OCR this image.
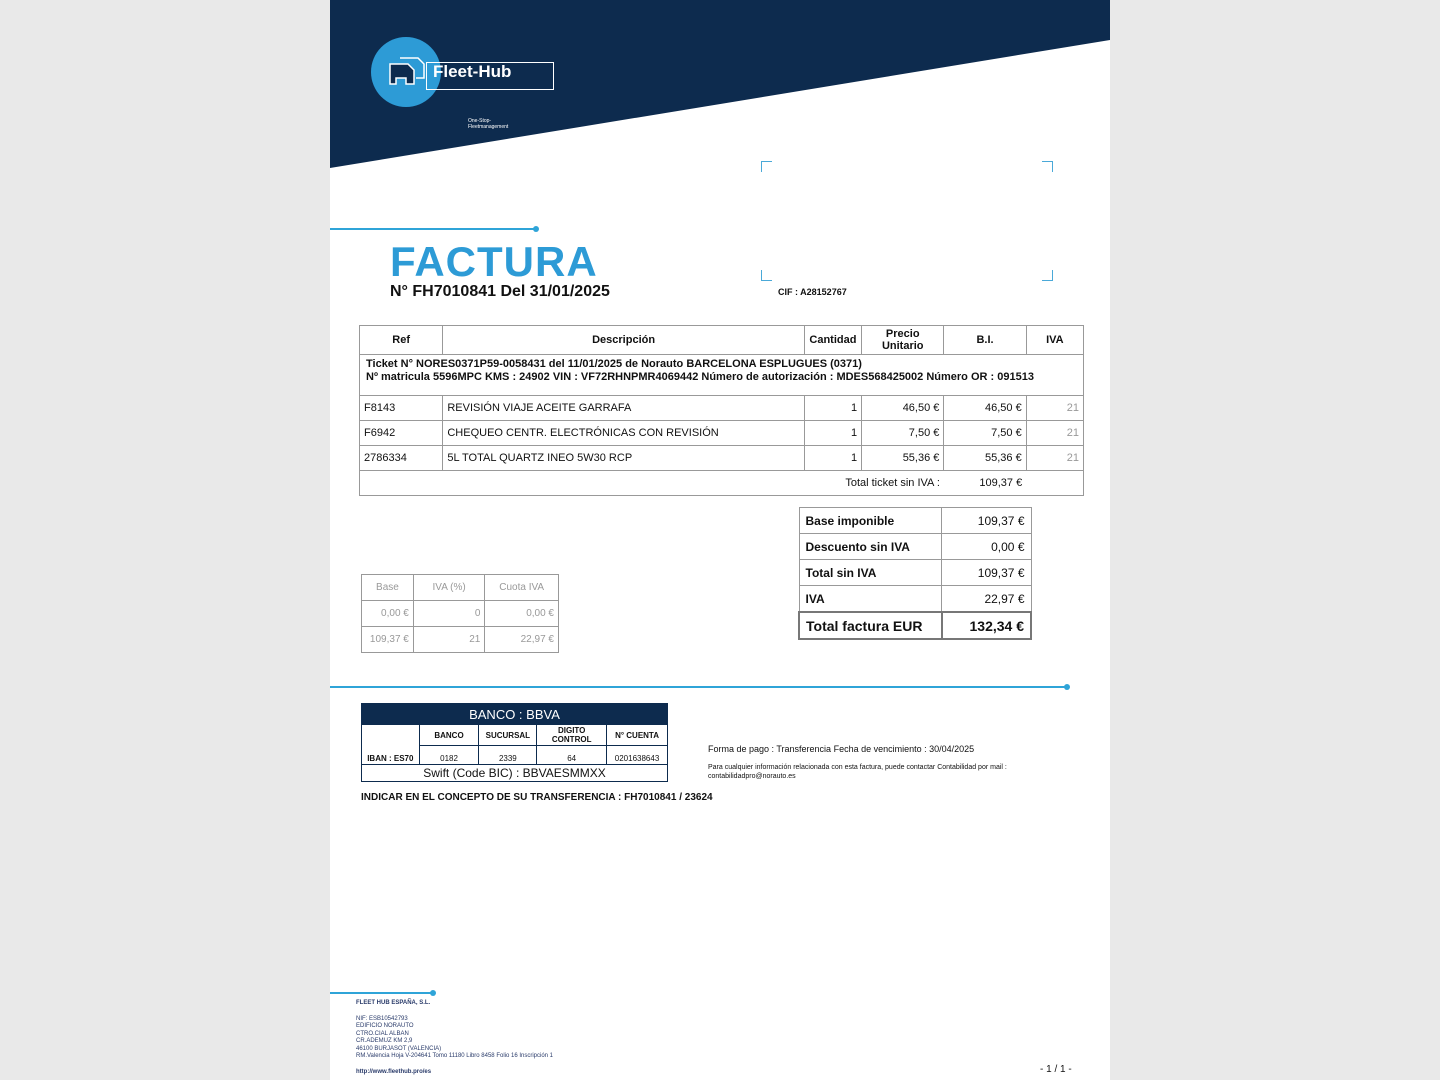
Fleet-Hub
One-Stop-Fleetmanagement
FACTURA
N° FH7010841 Del 31/01/2025	CIF : A28152767
Ref	Descripción	Cantidad	Precio Unitario	B.I.	IVA

Ticket N° NORES0371P59-0058431 del 11/01/2025 de Norauto BARCELONA ESPLUGUES (0371)
Nº matricula 5596MPC KMS : 24902 VIN : VF72RHNPMR4069442 Número de autorización : MDES568425002 Número OR : 091513					

F8143	REVISIÓN VIAJE ACEITE GARRAFA	1	46,50 €	46,50 €	21
F6942	CHEQUEO CENTR. ELECTRÓNICAS CON REVISIÓN	1	7,50 €	7,50 €	21
2786334	5L TOTAL QUARTZ INEO 5W30 RCP	1	55,36 €	55,36 €	21
Total ticket sin IVA :				109,37 €	
Base imponible	109,37 €
Descuento sin IVA	0,00 €
Total sin IVA	109,37 €
IVA	22,97 €
Total factura EUR	132,34 €
Base	IVA (%)	Cuota IVA
0,00 €	0	0,00 €
109,37 €	21	22,97 €
BANCO : BBVA				
	BANCO	SUCURSAL	DIGITO CONTROL	N° CUENTA
IBAN : ES70	0182	2339	64	0201638643
Swift (Code BIC) : BBVAESMMXX				
Forma de pago : Transferencia Fecha de vencimiento : 30/04/2025
Para cualquier información relacionada con esta factura, puede contactar Contabilidad por mail : contabilidadpro@norauto.es
INDICAR EN EL CONCEPTO DE SU TRANSFERENCIA : FH7010841 / 23624
FLEET HUB ESPAÑA, S.L.
NIF: ESB10542793
EDIFICIO NORAUTO
CTRO.CIAL ALBAN
CR.ADEMUZ KM 2,9
46100 BURJASOT (VALENCIA)
RM.Valencia Hoja V-204641 Tomo 11180 Libro 8458 Folio 16 Inscripción 1
http://www.fleethub.pro/es	- 1 / 1 -
